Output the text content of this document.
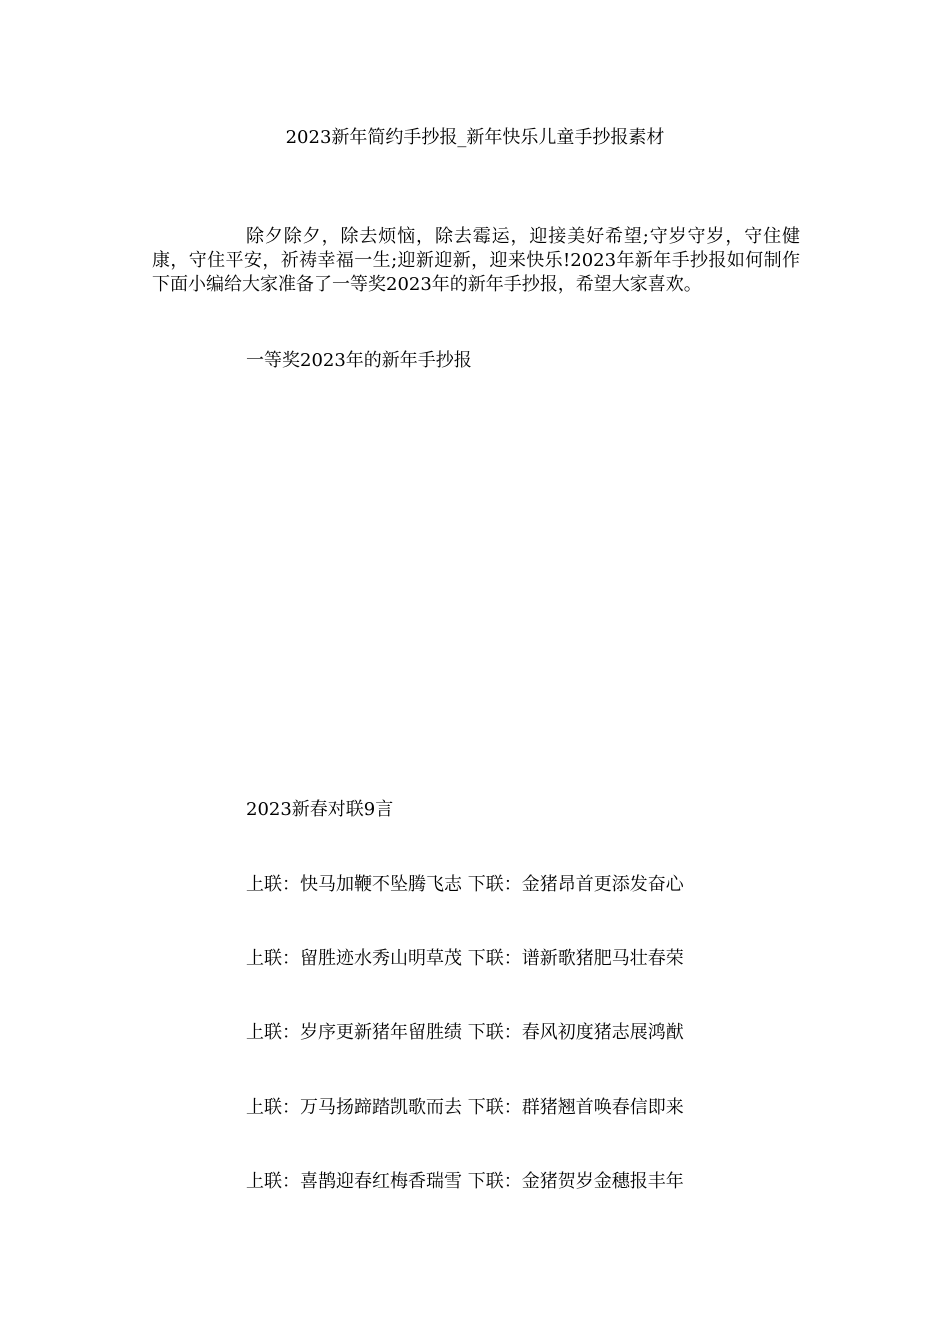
2023新年简约手抄报_新年快乐儿童手抄报素材
除夕除夕，除去烦恼，除去霉运，迎接美好希望;守岁守岁，守住健康，守住平安，祈祷幸福一生;迎新迎新，迎来快乐!2023年新年手抄报如何制作下面小编给大家准备了一等奖2023年的新年手抄报，希望大家喜欢。
一等奖2023年的新年手抄报
2023新春对联9言
上联：快马加鞭不坠腾飞志 下联：金猪昂首更添发奋心
上联：留胜迹水秀山明草茂 下联：谱新歌猪肥马壮春荣
上联：岁序更新猪年留胜绩 下联：春风初度猪志展鸿猷
上联：万马扬蹄踏凯歌而去 下联：群猪翘首唤春信即来
上联：喜鹊迎春红梅香瑞雪 下联：金猪贺岁金穗报丰年
